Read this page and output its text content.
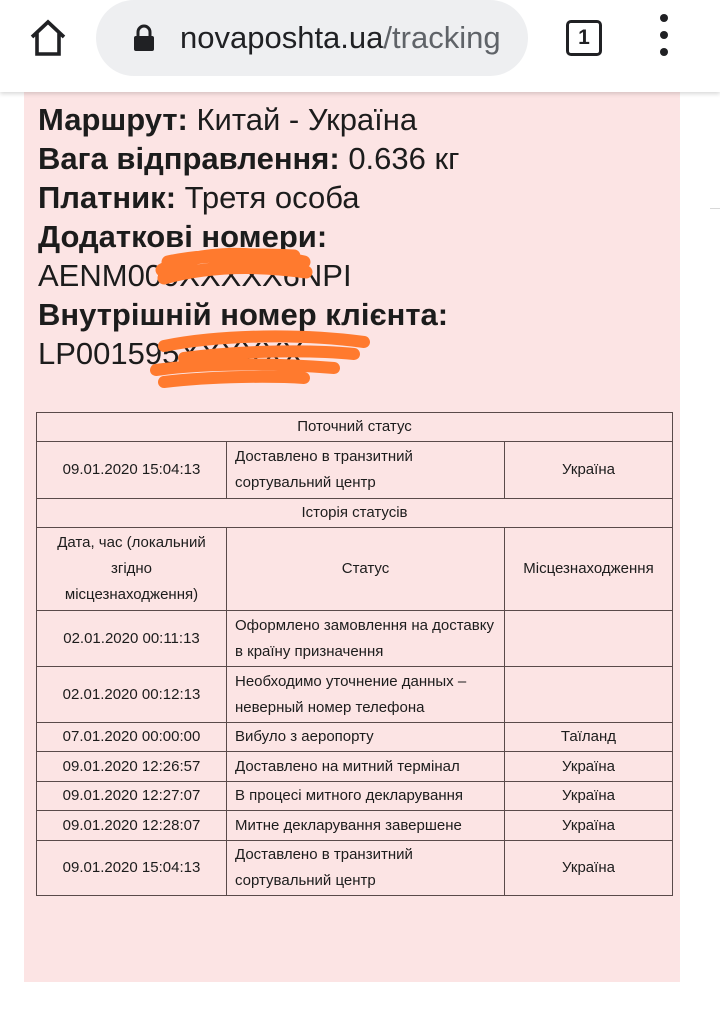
novaposhta.ua/tracking	1
Маршрут: Китай - Україна
Вага відправлення: 0.636 кг
Платник: Третя особа
Додаткові номери:
AENM000XXXXX6NPI
Внутрішній номер клієнта:
LP001595XXXXXX
Поточний статус		
09.01.2020 15:04:13	Доставлено в транзитний сортувальний центр	Україна
Історія статусів		
Дата, час (локальний згідно місцезнаходження)	Статус	Місцезнаходження
02.01.2020 00:11:13	Оформлено замовлення на доставку в країну призначення	
02.01.2020 00:12:13	Необходимо уточнение данных – неверный номер телефона	
07.01.2020 00:00:00	Вибуло з аеропорту	Таїланд
09.01.2020 12:26:57	Доставлено на митний термінал	Україна
09.01.2020 12:27:07	В процесі митного декларування	Україна
09.01.2020 12:28:07	Митне декларування завершене	Україна
09.01.2020 15:04:13	Доставлено в транзитний сортувальний центр	Україна
